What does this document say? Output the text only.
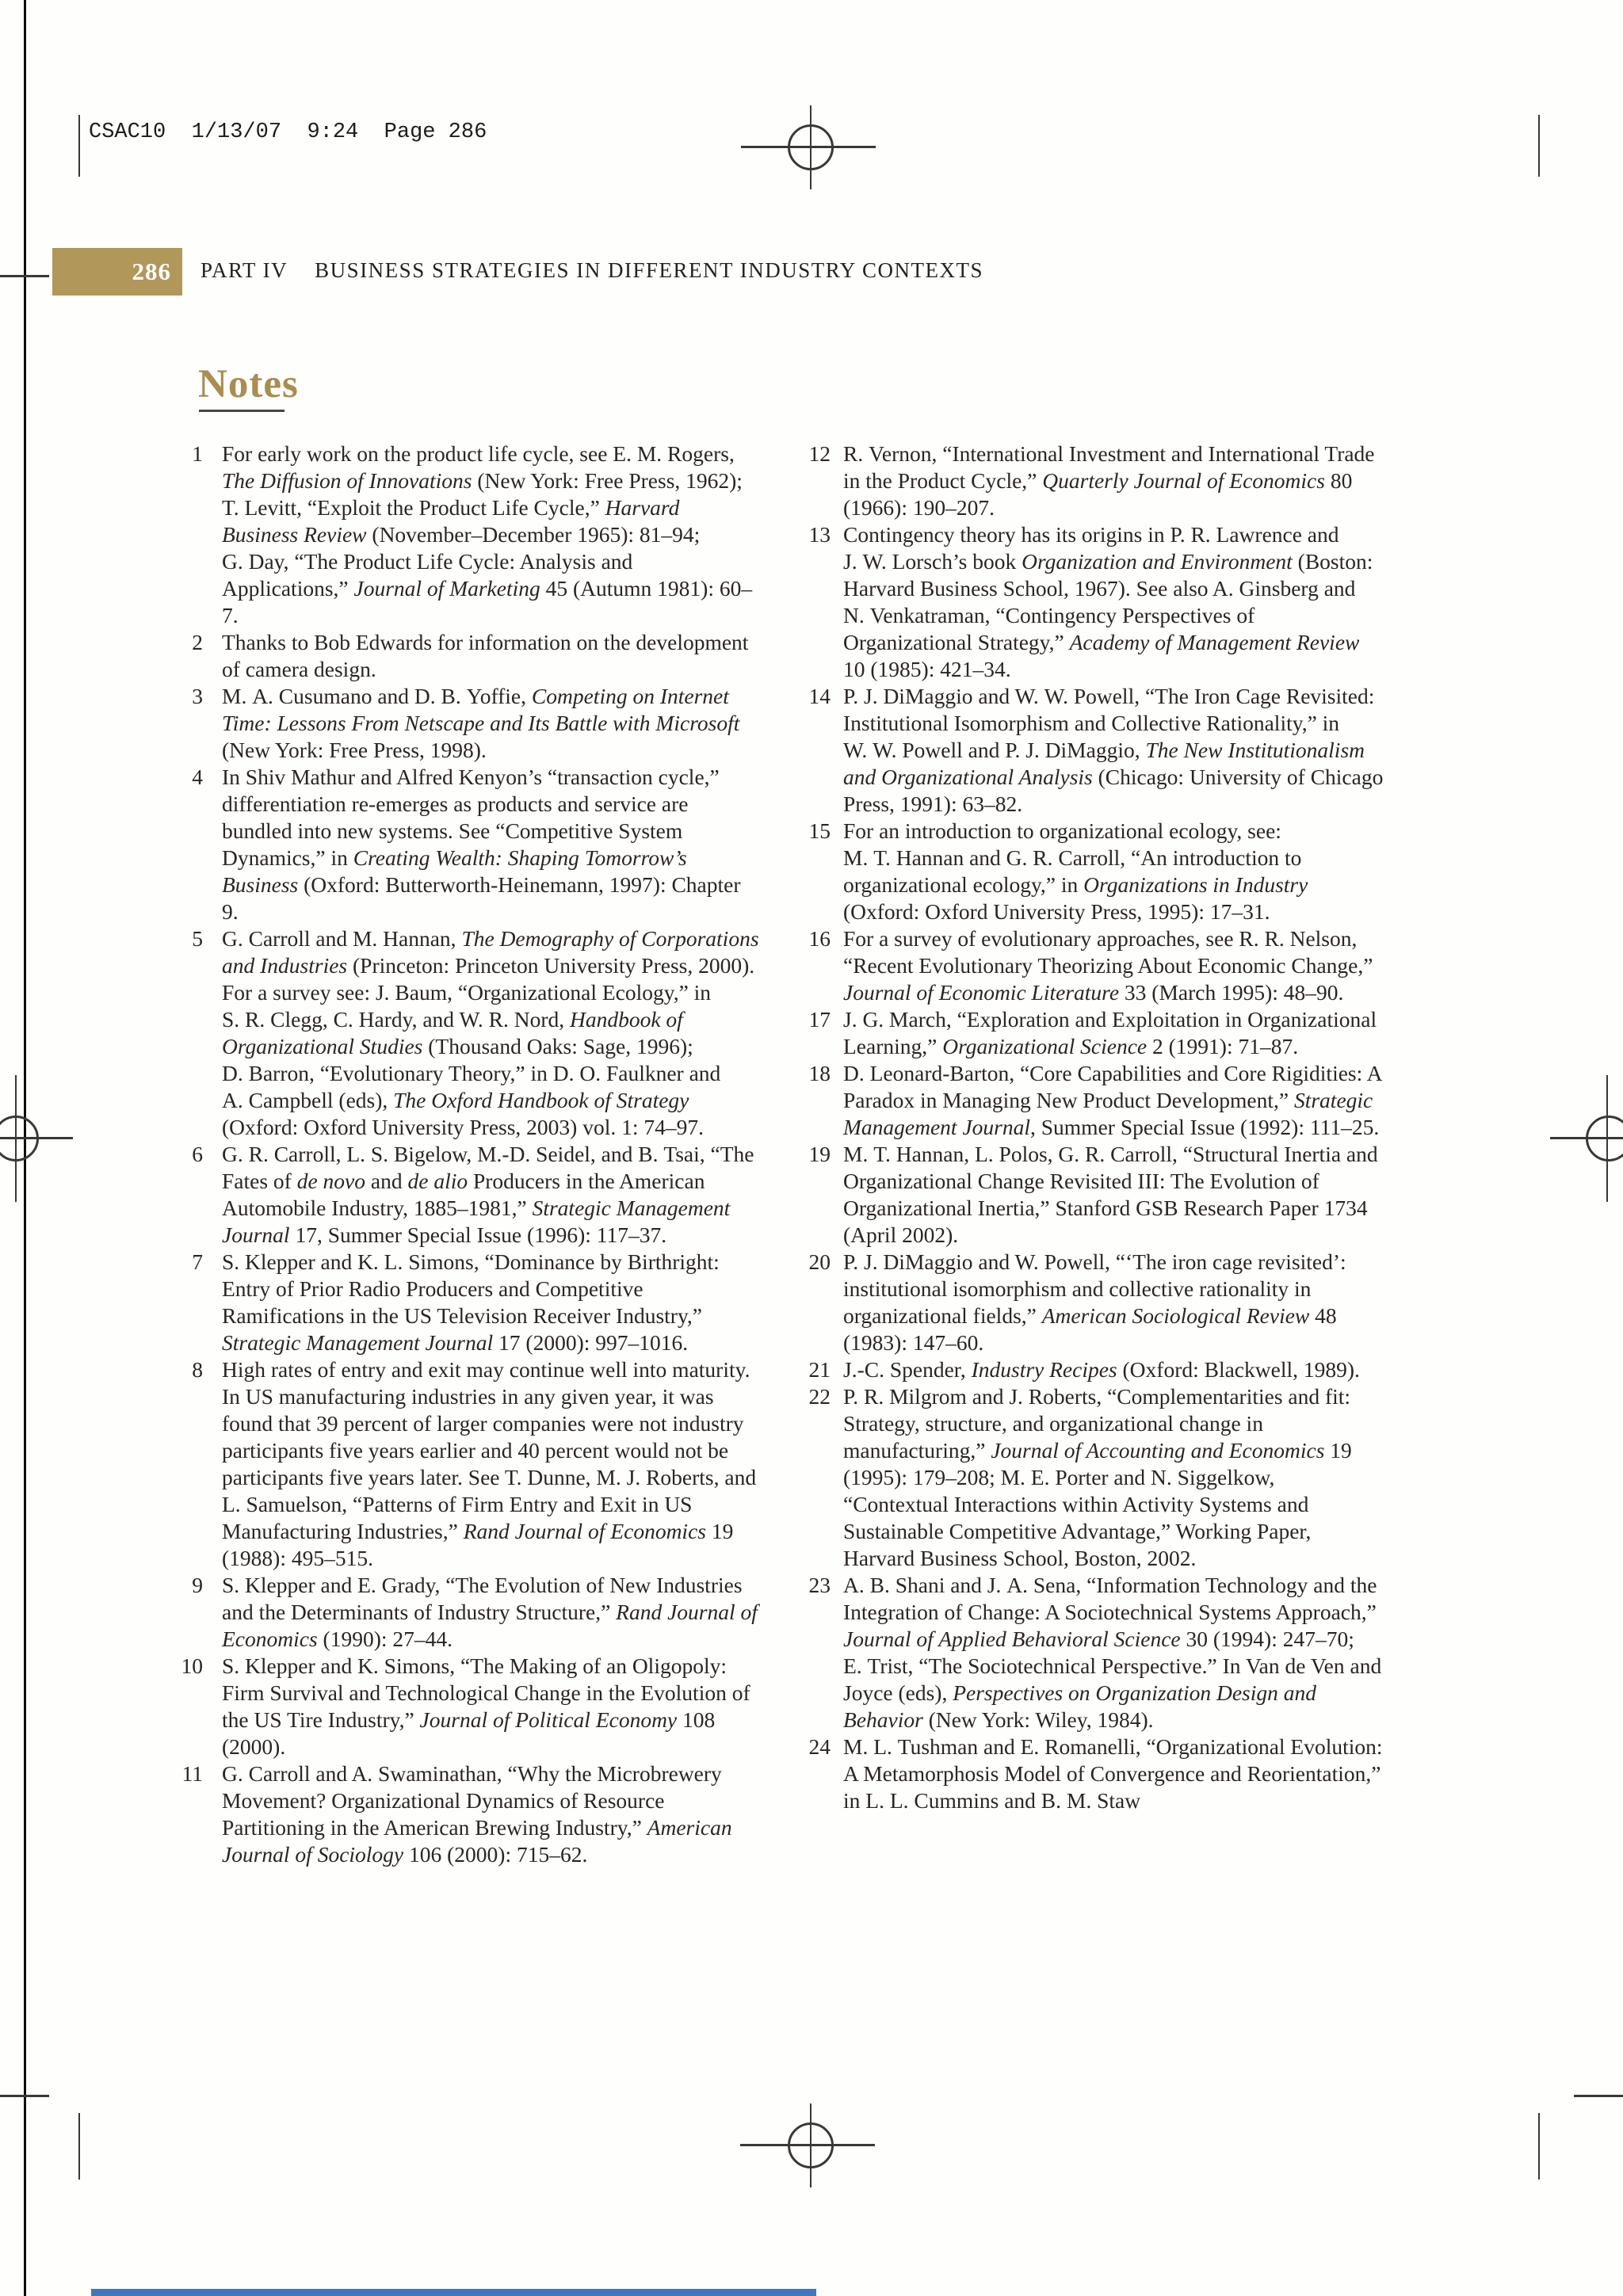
CSAC10  1/13/07  9:24  Page 286
286 PART IV BUSINESS STRATEGIES IN DIFFERENT INDUSTRY CONTEXTS
Notes
1 For early work on the product life cycle, see E. M. Rogers, The Diffusion of Innovations (New York: Free Press, 1962); T. Levitt, “Exploit the Product Life Cycle,” Harvard Business Review (November–December 1965): 81–94; G. Day, “The Product Life Cycle: Analysis and Applications,” Journal of Marketing 45 (Autumn 1981): 60–7.
2 Thanks to Bob Edwards for information on the development of camera design.
3 M. A. Cusumano and D. B. Yoffie, Competing on Internet Time: Lessons From Netscape and Its Battle with Microsoft (New York: Free Press, 1998).
4 In Shiv Mathur and Alfred Kenyon’s “transaction cycle,” differentiation re-emerges as products and service are bundled into new systems. See “Competitive System Dynamics,” in Creating Wealth: Shaping Tomorrow’s Business (Oxford: Butterworth-Heinemann, 1997): Chapter 9.
5 G. Carroll and M. Hannan, The Demography of Corporations and Industries (Princeton: Princeton University Press, 2000). For a survey see: J. Baum, “Organizational Ecology,” in S. R. Clegg, C. Hardy, and W. R. Nord, Handbook of Organizational Studies (Thousand Oaks: Sage, 1996); D. Barron, “Evolutionary Theory,” in D. O. Faulkner and A. Campbell (eds), The Oxford Handbook of Strategy (Oxford: Oxford University Press, 2003) vol. 1: 74–97.
6 G. R. Carroll, L. S. Bigelow, M.-D. Seidel, and B. Tsai, “The Fates of de novo and de alio Producers in the American Automobile Industry, 1885–1981,” Strategic Management Journal 17, Summer Special Issue (1996): 117–37.
7 S. Klepper and K. L. Simons, “Dominance by Birthright: Entry of Prior Radio Producers and Competitive Ramifications in the US Television Receiver Industry,” Strategic Management Journal 17 (2000): 997–1016.
8 High rates of entry and exit may continue well into maturity. In US manufacturing industries in any given year, it was found that 39 percent of larger companies were not industry participants five years earlier and 40 percent would not be participants five years later. See T. Dunne, M. J. Roberts, and L. Samuelson, “Patterns of Firm Entry and Exit in US Manufacturing Industries,” Rand Journal of Economics 19 (1988): 495–515.
9 S. Klepper and E. Grady, “The Evolution of New Industries and the Determinants of Industry Structure,” Rand Journal of Economics (1990): 27–44.
10 S. Klepper and K. Simons, “The Making of an Oligopoly: Firm Survival and Technological Change in the Evolution of the US Tire Industry,” Journal of Political Economy 108 (2000).
11 G. Carroll and A. Swaminathan, “Why the Microbrewery Movement? Organizational Dynamics of Resource Partitioning in the American Brewing Industry,” American Journal of Sociology 106 (2000): 715–62.
12 R. Vernon, “International Investment and International Trade in the Product Cycle,” Quarterly Journal of Economics 80 (1966): 190–207.
13 Contingency theory has its origins in P. R. Lawrence and J. W. Lorsch’s book Organization and Environment (Boston: Harvard Business School, 1967). See also A. Ginsberg and N. Venkatraman, “Contingency Perspectives of Organizational Strategy,” Academy of Management Review 10 (1985): 421–34.
14 P. J. DiMaggio and W. W. Powell, “The Iron Cage Revisited: Institutional Isomorphism and Collective Rationality,” in W. W. Powell and P. J. DiMaggio, The New Institutionalism and Organizational Analysis (Chicago: University of Chicago Press, 1991): 63–82.
15 For an introduction to organizational ecology, see: M. T. Hannan and G. R. Carroll, “An introduction to organizational ecology,” in Organizations in Industry (Oxford: Oxford University Press, 1995): 17–31.
16 For a survey of evolutionary approaches, see R. R. Nelson, “Recent Evolutionary Theorizing About Economic Change,” Journal of Economic Literature 33 (March 1995): 48–90.
17 J. G. March, “Exploration and Exploitation in Organizational Learning,” Organizational Science 2 (1991): 71–87.
18 D. Leonard-Barton, “Core Capabilities and Core Rigidities: A Paradox in Managing New Product Development,” Strategic Management Journal, Summer Special Issue (1992): 111–25.
19 M. T. Hannan, L. Polos, G. R. Carroll, “Structural Inertia and Organizational Change Revisited III: The Evolution of Organizational Inertia,” Stanford GSB Research Paper 1734 (April 2002).
20 P. J. DiMaggio and W. Powell, “‘The iron cage revisited’: institutional isomorphism and collective rationality in organizational fields,” American Sociological Review 48 (1983): 147–60.
21 J.-C. Spender, Industry Recipes (Oxford: Blackwell, 1989).
22 P. R. Milgrom and J. Roberts, “Complementarities and fit: Strategy, structure, and organizational change in manufacturing,” Journal of Accounting and Economics 19 (1995): 179–208; M. E. Porter and N. Siggelkow, “Contextual Interactions within Activity Systems and Sustainable Competitive Advantage,” Working Paper, Harvard Business School, Boston, 2002.
23 A. B. Shani and J. A. Sena, “Information Technology and the Integration of Change: A Sociotechnical Systems Approach,” Journal of Applied Behavioral Science 30 (1994): 247–70; E. Trist, “The Sociotechnical Perspective.” In Van de Ven and Joyce (eds), Perspectives on Organization Design and Behavior (New York: Wiley, 1984).
24 M. L. Tushman and E. Romanelli, “Organizational Evolution: A Metamorphosis Model of Convergence and Reorientation,” in L. L. Cummins and B. M. Staw
